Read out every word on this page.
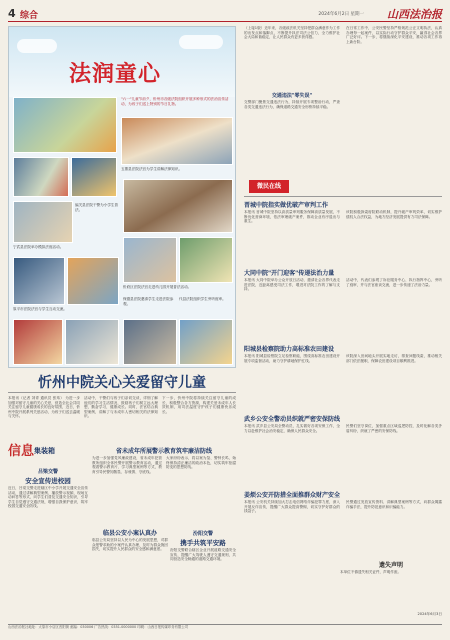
4 综合	2024年6月2日 星期一 山西法治报
法润童心
"六一"儿童节前夕，忻州市各级法院组织开展多种形式的法治宣传活动，为孩子们送上特别的节日礼物。
五寨县法院法官为学生讲解法律知识。
偏关县法院干警为小学生普法。
宁武县法院举办模拟法庭活动。
忻府区法院法官走进幼儿园开展普法活动。
原平市法院法官与学生互动交流。
保德县法院邀请学生走进法院参观。
代县法院组织学生旁听庭审。
忻州中院关心关爱留守儿童
本报讯（记者 刘青 通讯员 张玮） 为进一步加强对留守儿童的关心关爱，营造全社会共同关注留守儿童健康成长的良好氛围，近日，忻州中院开展系列关爱活动，为孩子们送去温暖与关怀。
活动中，干警们与孩子们亲切交谈，详细了解他们的学习生活情况，鼓励孩子们树立远大理想，勤奋学习，健康成长。同时，法官结合典型案例，讲解了与未成年人密切相关的法律知识。
下一步，忻州中院将持续关注留守儿童的成长，积极整合各方资源，构建关爱未成年人长效机制，用司法温度守护孩子们健康快乐成长。
信息 集装箱
吕梁交警
安全宣传进校园
近日，吕梁交警走进辖区中小学开展交通安全宣传活动，通过讲解典型案例、播放警示视频、现场互动问答等形式，向学生们普及交通安全知识，引导学生自觉遵守交通法规，增强自我保护意识，筑牢校园交通安全防线。
省未成年所展警示教育筑牢廉洁防线
为进一步加强党风廉政建设，省未成年犯管教所组织全体民警开展警示教育活动，通过观看警示教育片、学习典型案例等方式，教育引导民警知敬畏、存戒惧、守底线。
大家纷纷表示，将以案为鉴、警钟长鸣，始终保持清正廉洁的政治本色，切实筑牢拒腐防变的思想防线。
临县公安小案认真办
临县公安局坚持以人民为中心的发展思想，对群众报警求助的小案件认真办理，及时为群众挽回损失，切实提升人民群众的安全感和满意度。
汾阳交警
携手共筑平安路
汾阳交警联合辖区企业开展道路交通安全宣传，提醒广大驾驶人遵守交通规则，共同营造安全畅通的道路交通环境。
（上接1版）近年来，各级政法机关坚持把群众满意作为工作的出发点和落脚点，不断提升执法司法公信力，全力维护社会大局和谐稳定，让人民群众有更多获得感。
交通违法"零失误"
交警部门聚焦交通违法行为，持续开展专项整治行动，严查各类交通违法行为，确保道路交通安全形势持续平稳。
在日常工作中，公安民警坚持严格规范公正文明执法，认真办理每一起案件，以实际行动守护群众平安，赢得社会各界广泛好评。下一步，将继续深化平安建设，推动各项工作再上新台阶。
微民在线
晋城中院指实做优破产审判工作
本报讯 晋城中院坚持以高质量审判服务保障高质量发展，不断优化营商环境，依法审理破产案件，推动企业有序退出与重生。
该院积极探索府院联动机制，提升破产审判效率，切实维护债权人合法权益，为地方经济发展提供有力司法保障。
大同中院"开门迎客"传递法治力量
本报讯 大同中院举办公众开放日活动，邀请社会各界代表走进法院，近距离感受司法工作，增进对法院工作的了解与支持。
活动中，代表们参观了诉讼服务中心、执行指挥中心，旁听了庭审，并与法官座谈交流，进一步传递了法治力量。
阳城县检察院助力高标准农田建设
本报讯 阳城县检察院立足检察职能，围绕高标准农田建设开展专项监督活动，助力守护耕地保护红线。
该院深入田间地头开展实地走访，排查问题线索，推动相关部门依法履职，保障农田建设项目顺利推进。
武乡公安全警动员织就严密安保防线
本报讯 武乡县公安局全警动员，扎实做好各项安保工作，全力以赴维护社会治安稳定，确保人民群众安全。
民警们坚守岗位，加强重点区域巡逻防控，及时化解各类矛盾纠纷，织就了严密的安保防线。
姜烦公安开防措全面推群众财产安全
本报讯 公安机关持续加大打击电信网络诈骗犯罪力度，深入开展反诈宣传，提醒广大群众提高警惕，切实守护好群众的钱袋子。
民警通过发放宣传资料、讲解典型案例等方式，向群众揭露诈骗手法，提升防范意识和识骗能力。
遗失声明
本单位不慎遗失相关证件，声明作废。
2024年6月3日
山西法治报社地址：太原市小店区晋阳街 邮编：030006 广告热线：0351-0000000 印刷：山西日报传媒印务有限公司
